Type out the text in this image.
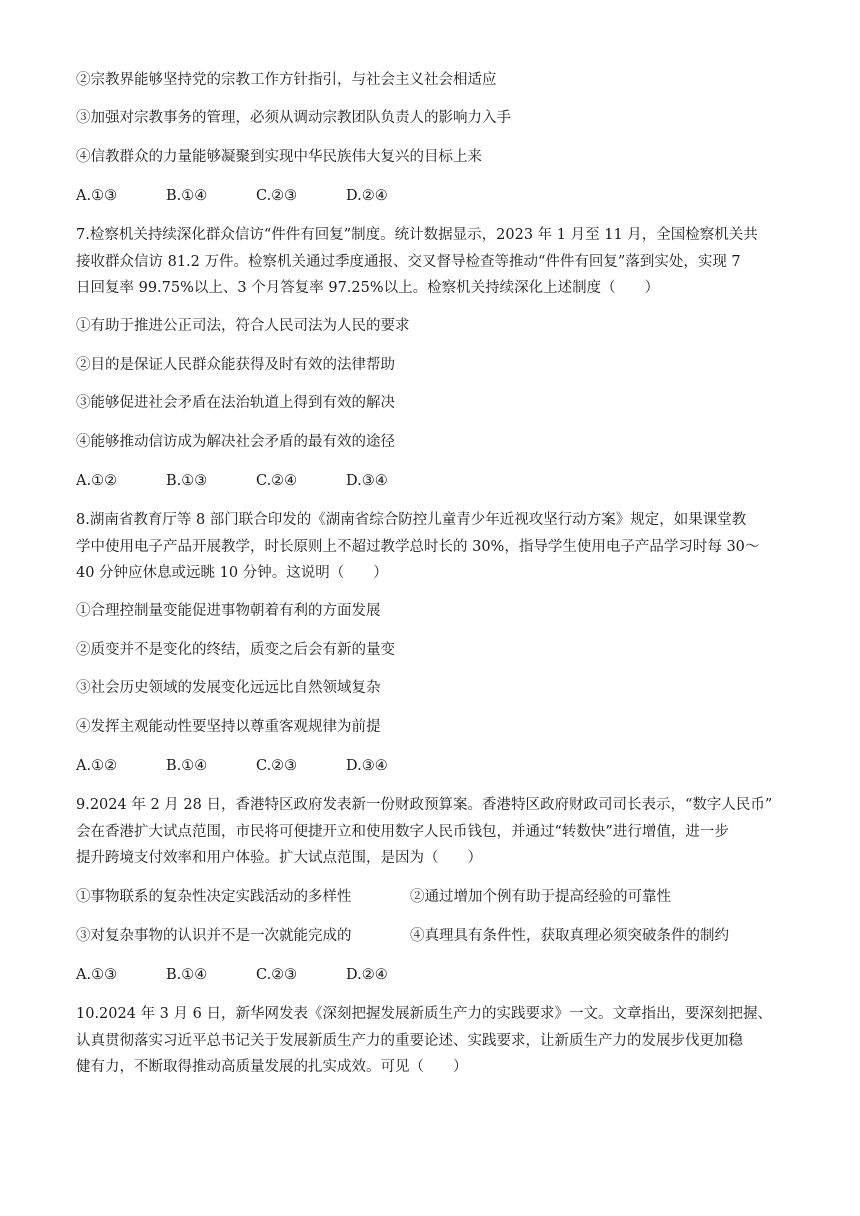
②宗教界能够坚持党的宗教工作方针指引，与社会主义社会相适应
③加强对宗教事务的管理，必须从调动宗教团队负责人的影响力入手
④信教群众的力量能够凝聚到实现中华民族伟大复兴的目标上来
A.①③	B.①④	C.②③	D.②④
7.检察机关持续深化群众信访“件件有回复”制度。统计数据显示，2023 年 1 月至 11 月，全国检察机关共
接收群众信访 81.2 万件。检察机关通过季度通报、交叉督导检查等推动“件件有回复”落到实处，实现 7
日回复率 99.75%以上、3 个月答复率 97.25%以上。检察机关持续深化上述制度（　　）
①有助于推进公正司法，符合人民司法为人民的要求
②目的是保证人民群众能获得及时有效的法律帮助
③能够促进社会矛盾在法治轨道上得到有效的解决
④能够推动信访成为解决社会矛盾的最有效的途径
A.①②	B.①③	C.②④	D.③④
8.湖南省教育厅等 8 部门联合印发的《湖南省综合防控儿童青少年近视攻坚行动方案》规定，如果课堂教
学中使用电子产品开展教学，时长原则上不超过教学总时长的 30%，指导学生使用电子产品学习时每 30～
40 分钟应休息或远眺 10 分钟。这说明（　　）
①合理控制量变能促进事物朝着有利的方面发展
②质变并不是变化的终结，质变之后会有新的量变
③社会历史领域的发展变化远远比自然领域复杂
④发挥主观能动性要坚持以尊重客观规律为前提
A.①②	B.①④	C.②③	D.③④
9.2024 年 2 月 28 日，香港特区政府发表新一份财政预算案。香港特区政府财政司司长表示，“数字人民币”
会在香港扩大试点范围，市民将可便捷开立和使用数字人民币钱包，并通过“转数快”进行增值，进一步
提升跨境支付效率和用户体验。扩大试点范围，是因为（　　）
①事物联系的复杂性决定实践活动的多样性	②通过增加个例有助于提高经验的可靠性
③对复杂事物的认识并不是一次就能完成的	④真理具有条件性，获取真理必须突破条件的制约
A.①③	B.①④	C.②③	D.②④
10.2024 年 3 月 6 日，新华网发表《深刻把握发展新质生产力的实践要求》一文。文章指出，要深刻把握、
认真贯彻落实习近平总书记关于发展新质生产力的重要论述、实践要求，让新质生产力的发展步伐更加稳
健有力，不断取得推动高质量发展的扎实成效。可见（　　）
